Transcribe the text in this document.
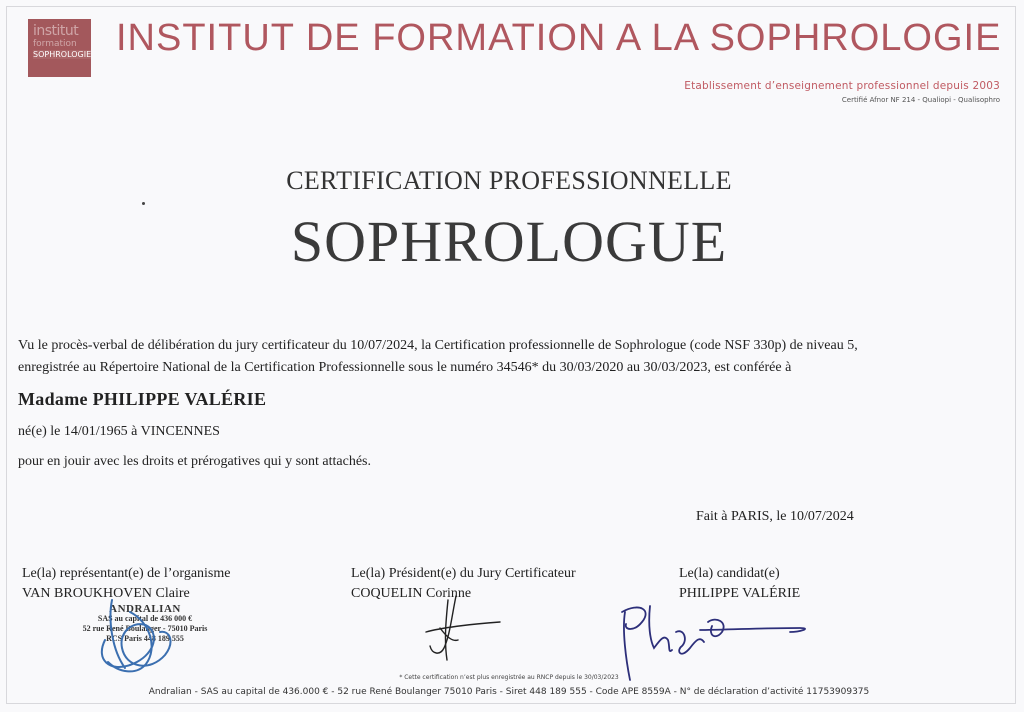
institut
formation
SOPHROLOGIE INSTITUT DE FORMATION A LA SOPHROLOGIE
Etablissement d’enseignement professionnel depuis 2003
Certifié Afnor NF 214 - Qualiopi - Qualisophro
CERTIFICATION PROFESSIONNELLE
SOPHROLOGUE
Vu le procès-verbal de délibération du jury certificateur du 10/07/2024, la Certification professionnelle de Sophrologue (code NSF 330p) de niveau 5,
enregistrée au Répertoire National de la Certification Professionnelle sous le numéro 34546* du 30/03/2020 au 30/03/2023, est conférée à
Madame PHILIPPE VALÉRIE
né(e) le 14/01/1965 à VINCENNES
pour en jouir avec les droits et prérogatives qui y sont attachés.
Fait à PARIS, le 10/07/2024
Le(la) représentant(e) de l’organisme
VAN BROUKHOVEN Claire
Le(la) Président(e) du Jury Certificateur
COQUELIN Corinne
Le(la) candidat(e)
PHILIPPE VALÉRIE
ANDRALIAN
SAS au capital de 436 000 €
52 rue René Boulanger - 75010 Paris
RCS Paris 448 189 555
* Cette certification n’est plus enregistrée au RNCP depuis le 30/03/2023
Andralian - SAS au capital de 436.000 € - 52 rue René Boulanger 75010 Paris - Siret 448 189 555 - Code APE 8559A - N° de déclaration d’activité 11753909375
